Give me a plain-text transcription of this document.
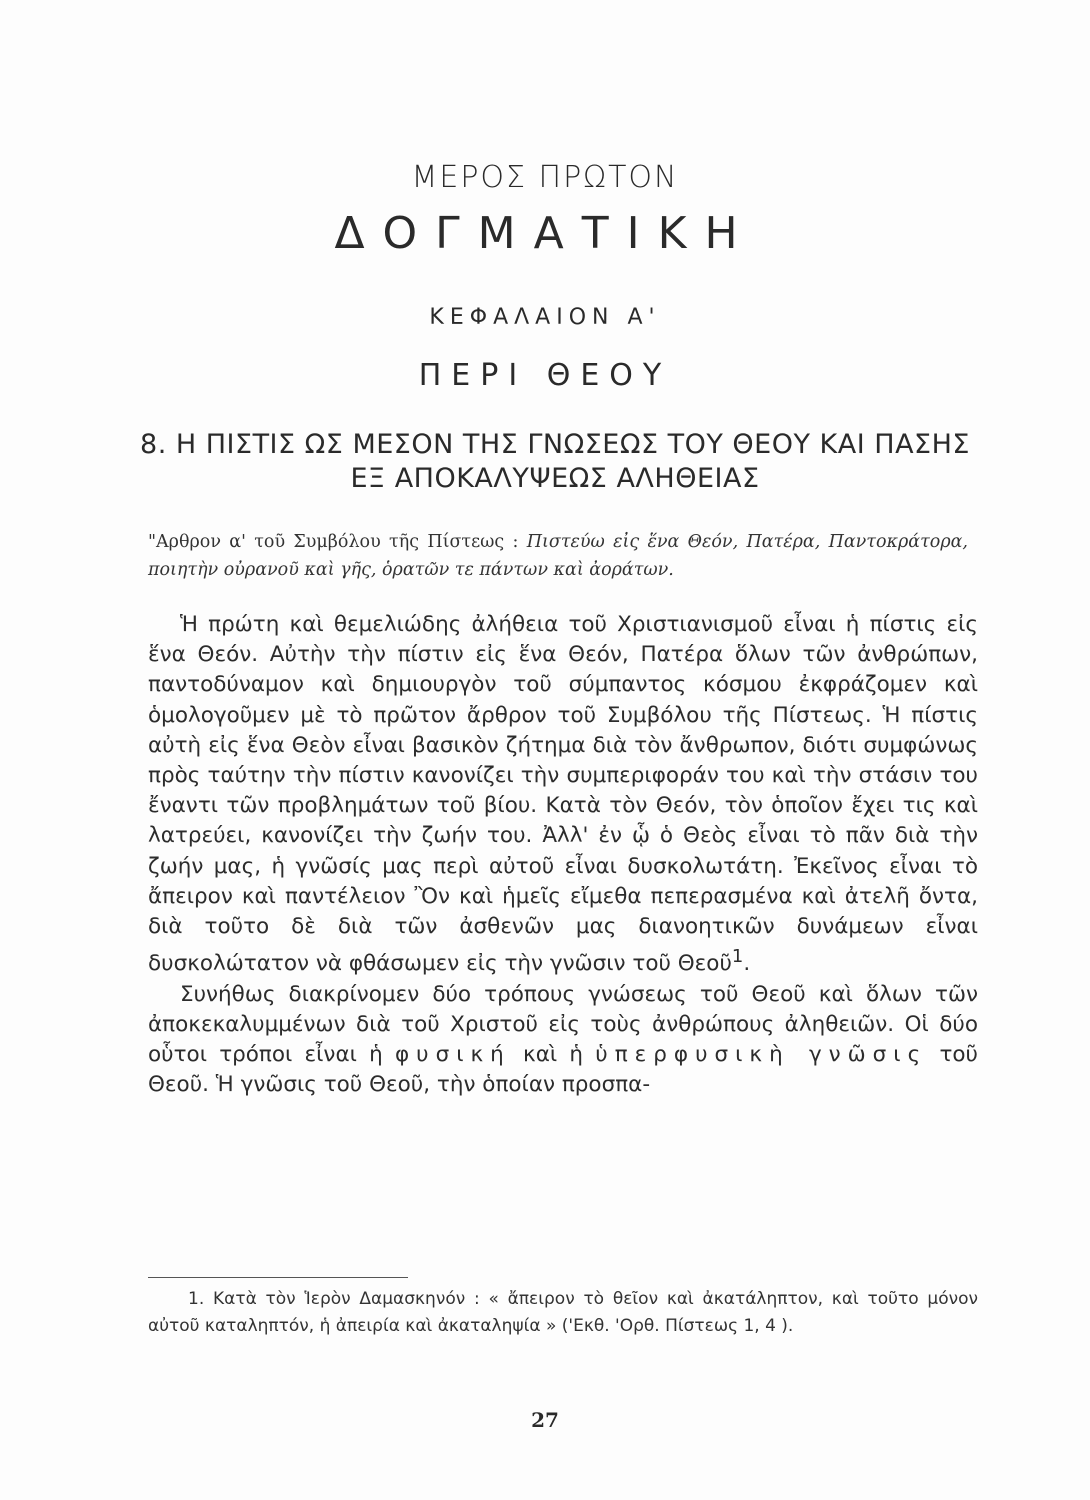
ΜΕΡΟΣ ΠΡΩΤΟΝ
ΔΟΓΜΑΤΙΚΗ
ΚΕΦΑΛΑΙΟΝ Α'
ΠΕΡΙ ΘΕΟΥ
8. Η ΠΙΣΤΙΣ ΩΣ ΜΕΣΟΝ ΤΗΣ ΓΝΩΣΕΩΣ ΤΟΥ ΘΕΟΥ ΚΑΙ ΠΑΣΗΣ
ΕΞ ΑΠΟΚΑΛΥΨΕΩΣ ΑΛΗΘΕΙΑΣ
"Αρθρον α' τοῦ Συμβόλου τῆς Πίστεως : Πιστεύω εἰς ἕνα Θεόν, Πατέρα, Παντοκράτορα, ποιητὴν οὐρανοῦ καὶ γῆς, ὁρατῶν τε πάντων καὶ ἀοράτων.

Ἡ πρώτη καὶ θεμελιώδης ἀλήθεια τοῦ Χριστιανισμοῦ εἶναι ἡ πίστις εἰς ἕνα Θεόν. Αὐτὴν τὴν πίστιν εἰς ἕνα Θεόν, Πατέρα ὅλων τῶν ἀνθρώπων, παντοδύναμον καὶ δημιουργὸν τοῦ σύμπαντος κόσμου ἐκφράζομεν καὶ ὁμολογοῦμεν μὲ τὸ πρῶτον ἄρθρον τοῦ Συμβόλου τῆς Πίστεως. Ἡ πίστις αὐτὴ εἰς ἕνα Θεὸν εἶναι βασικὸν ζήτημα διὰ τὸν ἄνθρωπον, διότι συμφώνως πρὸς ταύτην τὴν πίστιν κανονίζει τὴν συμπεριφοράν του καὶ τὴν στάσιν του ἔναντι τῶν προβλημάτων τοῦ βίου. Κατὰ τὸν Θεόν, τὸν ὁποῖον ἔχει τις καὶ λατρεύει, κανονίζει τὴν ζωήν του. Ἀλλ' ἐν ᾧ ὁ Θεὸς εἶναι τὸ πᾶν διὰ τὴν ζωήν μας, ἡ γνῶσίς μας περὶ αὐτοῦ εἶναι δυσκολωτάτη. Ἐκεῖνος εἶναι τὸ ἄπειρον καὶ παντέλειον Ὂν καὶ ἡμεῖς εἴμεθα πεπερασμένα καὶ ἀτελῆ ὄντα, διὰ τοῦτο δὲ διὰ τῶν ἀσθενῶν μας διανοητικῶν δυνάμεων εἶναι δυσκολώτατον νὰ φθάσωμεν εἰς τὴν γνῶσιν τοῦ Θεοῦ$^1$.

Συνήθως διακρίνομεν δύο τρόπους γνώσεως τοῦ Θεοῦ καὶ ὅλων τῶν ἀποκεκαλυμμένων διὰ τοῦ Χριστοῦ εἰς τοὺς ἀνθρώπους ἀληθειῶν. Οἱ δύο οὗτοι τρόποι εἶναι ἡ φυσική καὶ ἡ ὑπερφυσικὴ γνῶσις τοῦ Θεοῦ. Ἡ γνῶσις τοῦ Θεοῦ, τὴν ὁποίαν προσπα-

1. Κατὰ τὸν Ἱερὸν Δαμασκηνόν : « ἄπειρον τὸ θεῖον καὶ ἀκατάληπτον, καὶ τοῦτο μόνον αὐτοῦ καταληπτόν, ἡ ἀπειρία καὶ ἀκαταληψία » ('Εκθ. 'Ορθ. Πίστεως 1, 4 ).
27
